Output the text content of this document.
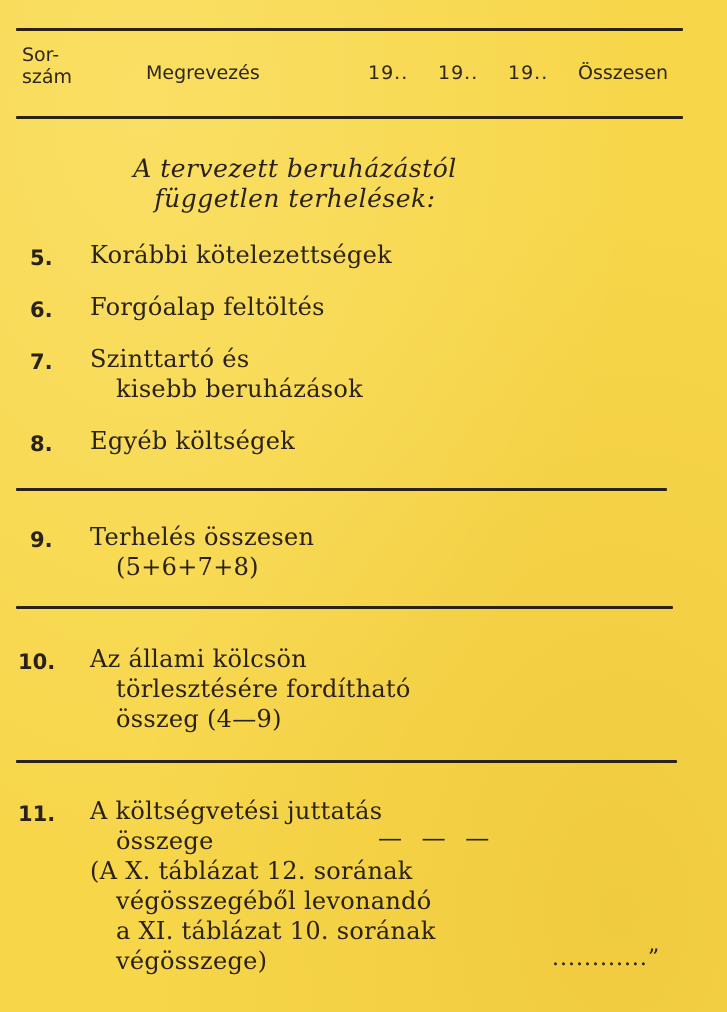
Sor-
szám	Megrevezés	19.. 19.. 19.. Összesen
A tervezett beruházástól
független terhelések:
5. Korábbi kötelezettségek
6. Forgóalap feltöltés
7. Szinttartó és
kisebb beruházások
8. Egyéb költségek
9. Terhelés összesen
(5+6+7+8)
10. Az állami kölcsön
törlesztésére fordítható
összeg (4—9)
11. A költségvetési juttatás
összege
(A X. táblázat 12. sorának
végösszegéből levonandó
a XI. táblázat 10. sorának
végösszege)
— — —
............”
